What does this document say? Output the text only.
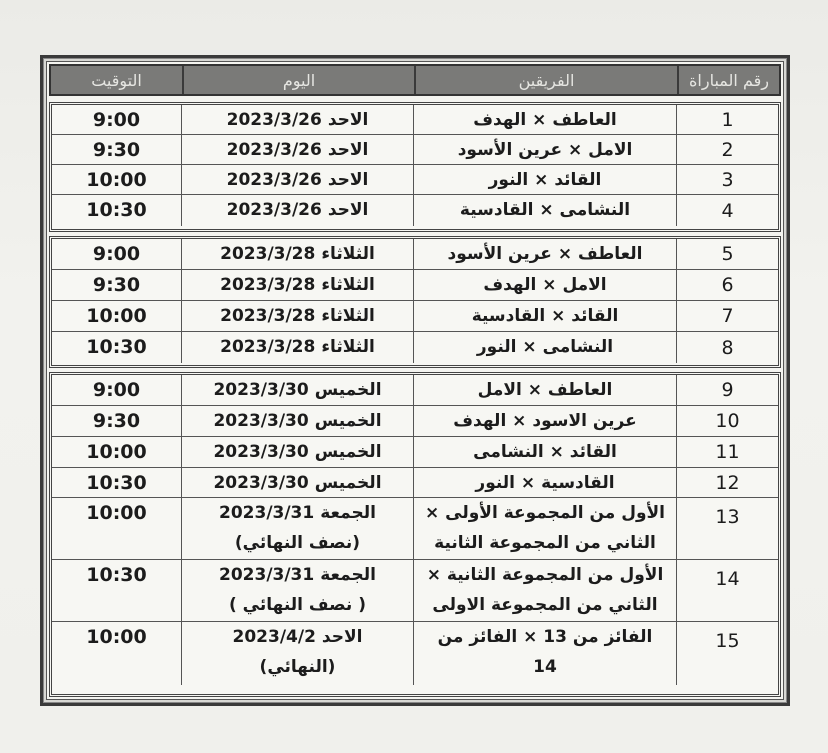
رقم المباراة
الفريقين
اليوم
التوقيت
1
العاطف × الهدف
الاحد
2023/3/26
9:00
2
الامل × عرين الأسود
الاحد
2023/3/26
9:30
3
القائد × النور
الاحد
2023/3/26
10:00
4
النشامى × القادسية
الاحد
2023/3/26
10:30
5
العاطف × عرين الأسود
الثلاثاء
2023/3/28
9:00
6
الامل × الهدف
الثلاثاء
2023/3/28
9:30
7
القائد × القادسية
الثلاثاء
2023/3/28
10:00
8
النشامى × النور
الثلاثاء
2023/3/28
10:30
9
العاطف × الامل
الخميس
2023/3/30
9:00
10
عرين الاسود × الهدف
الخميس
2023/3/30
9:30
11
القائد × النشامى
الخميس
2023/3/30
10:00
12
القادسية × النور
الخميس
2023/3/30
10:30
13
الأول من المجموعة الأولى × الثاني من المجموعة الثانية
الجمعة
2023/3/31
(نصف النهائي)
10:00
14
الأول من المجموعة الثانية × الثاني من المجموعة الاولى
الجمعة
2023/3/31
( نصف النهائي )
10:30
15
الفائز من 13 × الفائز من 14
الاحد
2023/4/2
(النهائي)
10:00
